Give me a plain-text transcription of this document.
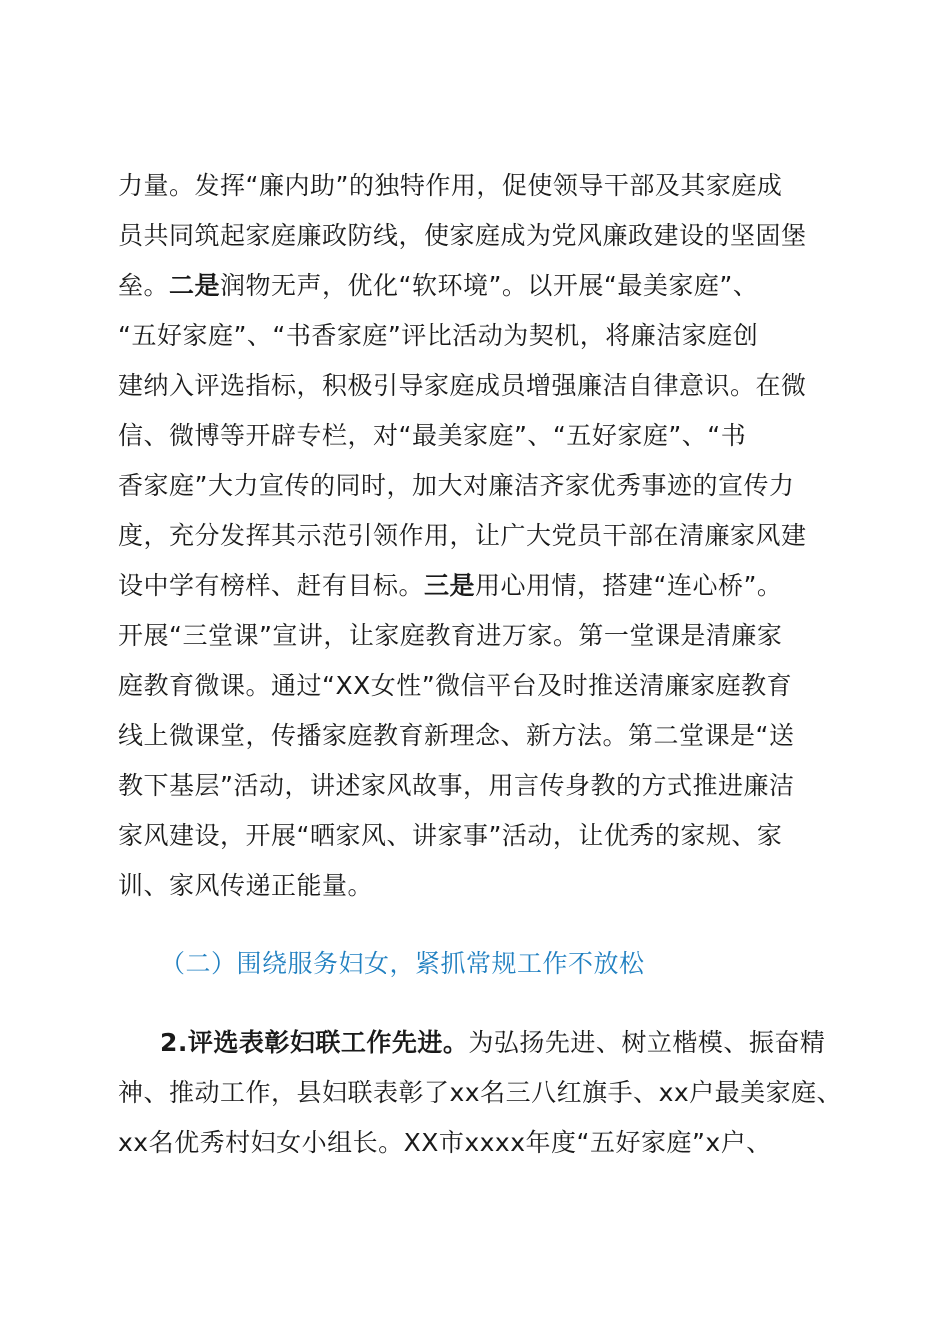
力量。发挥“廉内助”的独特作用，促使领导干部及其家庭成
员共同筑起家庭廉政防线，使家庭成为党风廉政建设的坚固堡
垒。二是润物无声，优化“软环境”。以开展“最美家庭”、
“五好家庭”、“书香家庭”评比活动为契机，将廉洁家庭创
建纳入评选指标，积极引导家庭成员增强廉洁自律意识。在微
信、微博等开辟专栏，对“最美家庭”、“五好家庭”、“书
香家庭”大力宣传的同时，加大对廉洁齐家优秀事迹的宣传力
度，充分发挥其示范引领作用，让广大党员干部在清廉家风建
设中学有榜样、赶有目标。三是用心用情，搭建“连心桥”。
开展“三堂课”宣讲，让家庭教育进万家。第一堂课是清廉家
庭教育微课。通过“XX女性”微信平台及时推送清廉家庭教育
线上微课堂，传播家庭教育新理念、新方法。第二堂课是“送
教下基层”活动，讲述家风故事，用言传身教的方式推进廉洁
家风建设，开展“晒家风、讲家事”活动，让优秀的家规、家
训、家风传递正能量。
（二）围绕服务妇女，紧抓常规工作不放松
2.评选表彰妇联工作先进。为弘扬先进、树立楷模、振奋精
神、推动工作，县妇联表彰了xx名三八红旗手、xx户最美家庭、
xx名优秀村妇女小组长。XX市xxxx年度“五好家庭”x户、
